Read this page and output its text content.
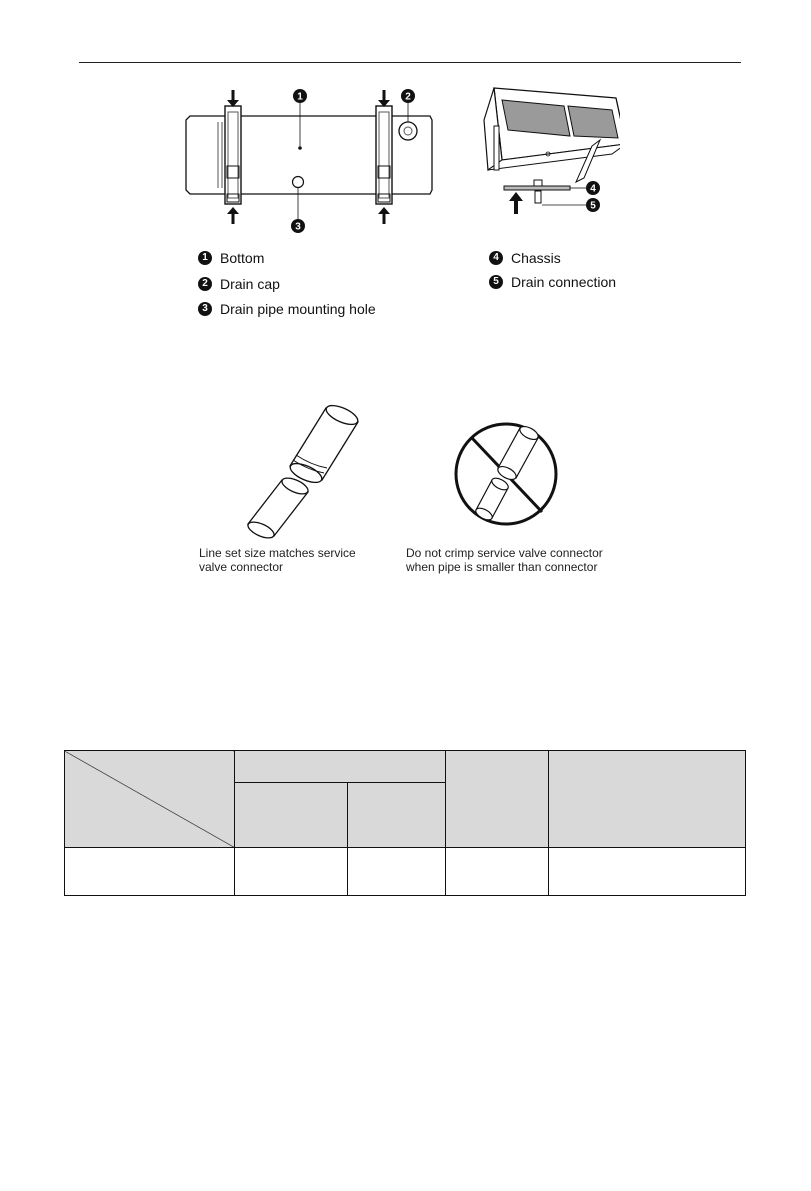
1	2
3
4
5
1 Bottom
2 Drain cap
3 Drain pipe mounting hole
4 Chassis
5 Drain connection
Line set size matches service
valve connector
Do not crimp service valve connector
when pipe is smaller than connector
